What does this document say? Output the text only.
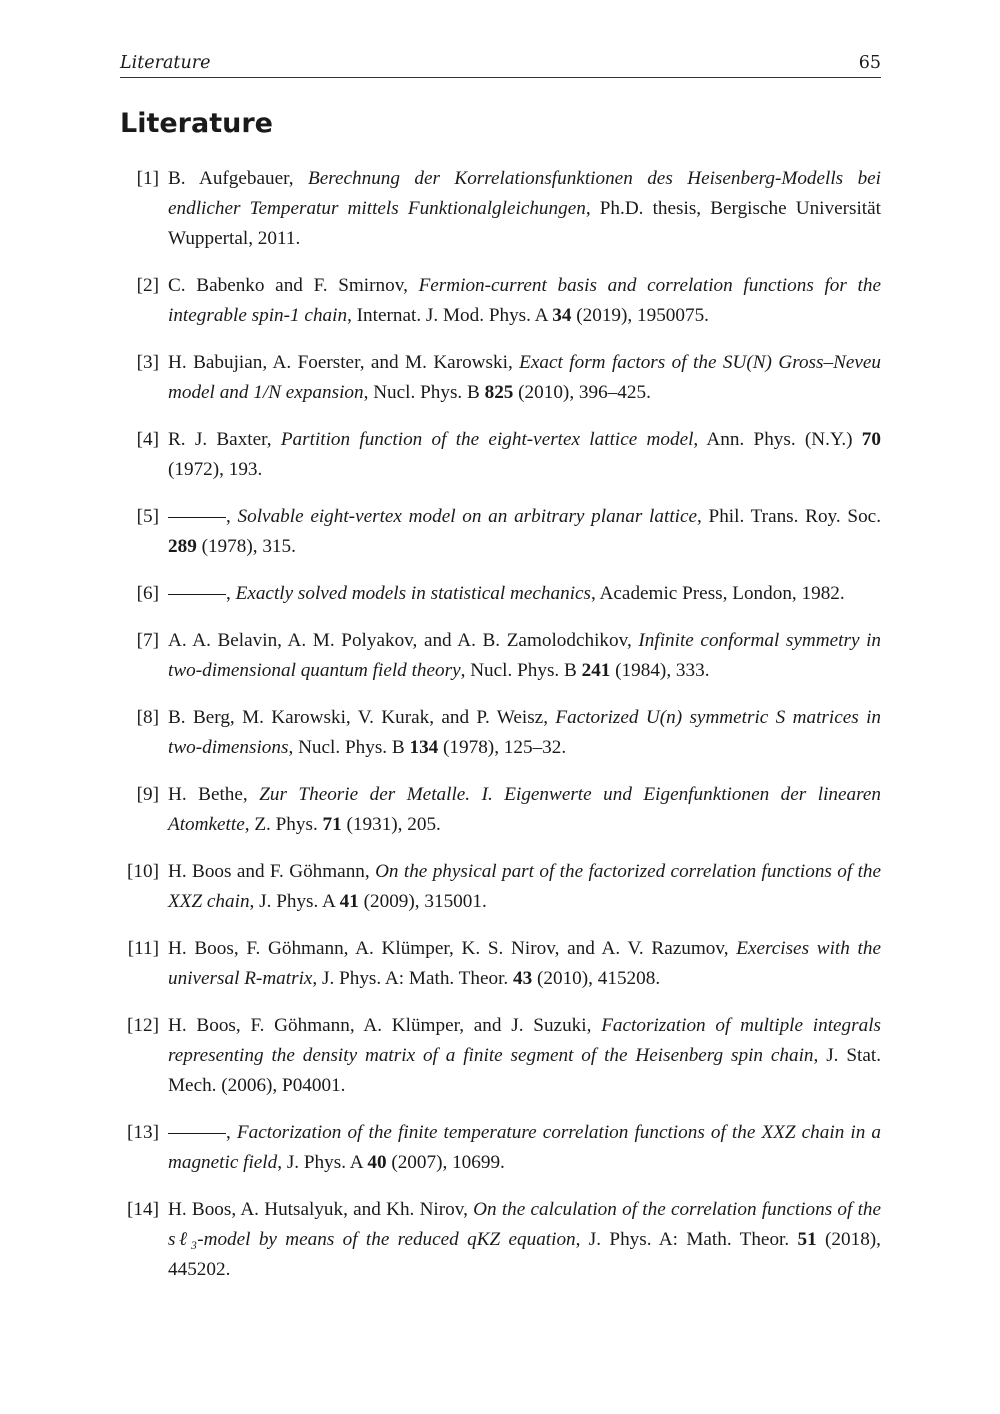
Literature	65
Literature
[1] B. Aufgebauer, Berechnung der Korrelationsfunktionen des Heisenberg-Modells bei endlicher Temperatur mittels Funktionalgleichungen, Ph.D. thesis, Bergische Universität Wuppertal, 2011.
[2] C. Babenko and F. Smirnov, Fermion-current basis and correlation functions for the integrable spin-1 chain, Internat. J. Mod. Phys. A 34 (2019), 1950075.
[3] H. Babujian, A. Foerster, and M. Karowski, Exact form factors of the SU(N) Gross–Neveu model and 1/N expansion, Nucl. Phys. B 825 (2010), 396–425.
[4] R. J. Baxter, Partition function of the eight-vertex lattice model, Ann. Phys. (N.Y.) 70 (1972), 193.
[5]	, Solvable eight-vertex model on an arbitrary planar lattice, Phil. Trans. Roy. Soc. 289 (1978), 315.
[6]	, Exactly solved models in statistical mechanics, Academic Press, London, 1982.
[7] A. A. Belavin, A. M. Polyakov, and A. B. Zamolodchikov, Infinite conformal symmetry in two-dimensional quantum field theory, Nucl. Phys. B 241 (1984), 333.
[8] B. Berg, M. Karowski, V. Kurak, and P. Weisz, Factorized U(n) symmetric S matrices in two-dimensions, Nucl. Phys. B 134 (1978), 125–32.
[9] H. Bethe, Zur Theorie der Metalle. I. Eigenwerte und Eigenfunktionen der linearen Atomkette, Z. Phys. 71 (1931), 205.
[10] H. Boos and F. Göhmann, On the physical part of the factorized correlation functions of the XXZ chain, J. Phys. A 41 (2009), 315001.
[11] H. Boos, F. Göhmann, A. Klümper, K. S. Nirov, and A. V. Razumov, Exercises with the universal R-matrix, J. Phys. A: Math. Theor. 43 (2010), 415208.
[12] H. Boos, F. Göhmann, A. Klümper, and J. Suzuki, Factorization of multiple integrals representing the density matrix of a finite segment of the Heisenberg spin chain, J. Stat. Mech. (2006), P04001.
[13]	, Factorization of the finite temperature correlation functions of the XXZ chain in a magnetic field, J. Phys. A 40 (2007), 10699.
[14] H. Boos, A. Hutsalyuk, and Kh. Nirov, On the calculation of the correlation functions of the sℓ₃-model by means of the reduced qKZ equation, J. Phys. A: Math. Theor. 51 (2018), 445202.
